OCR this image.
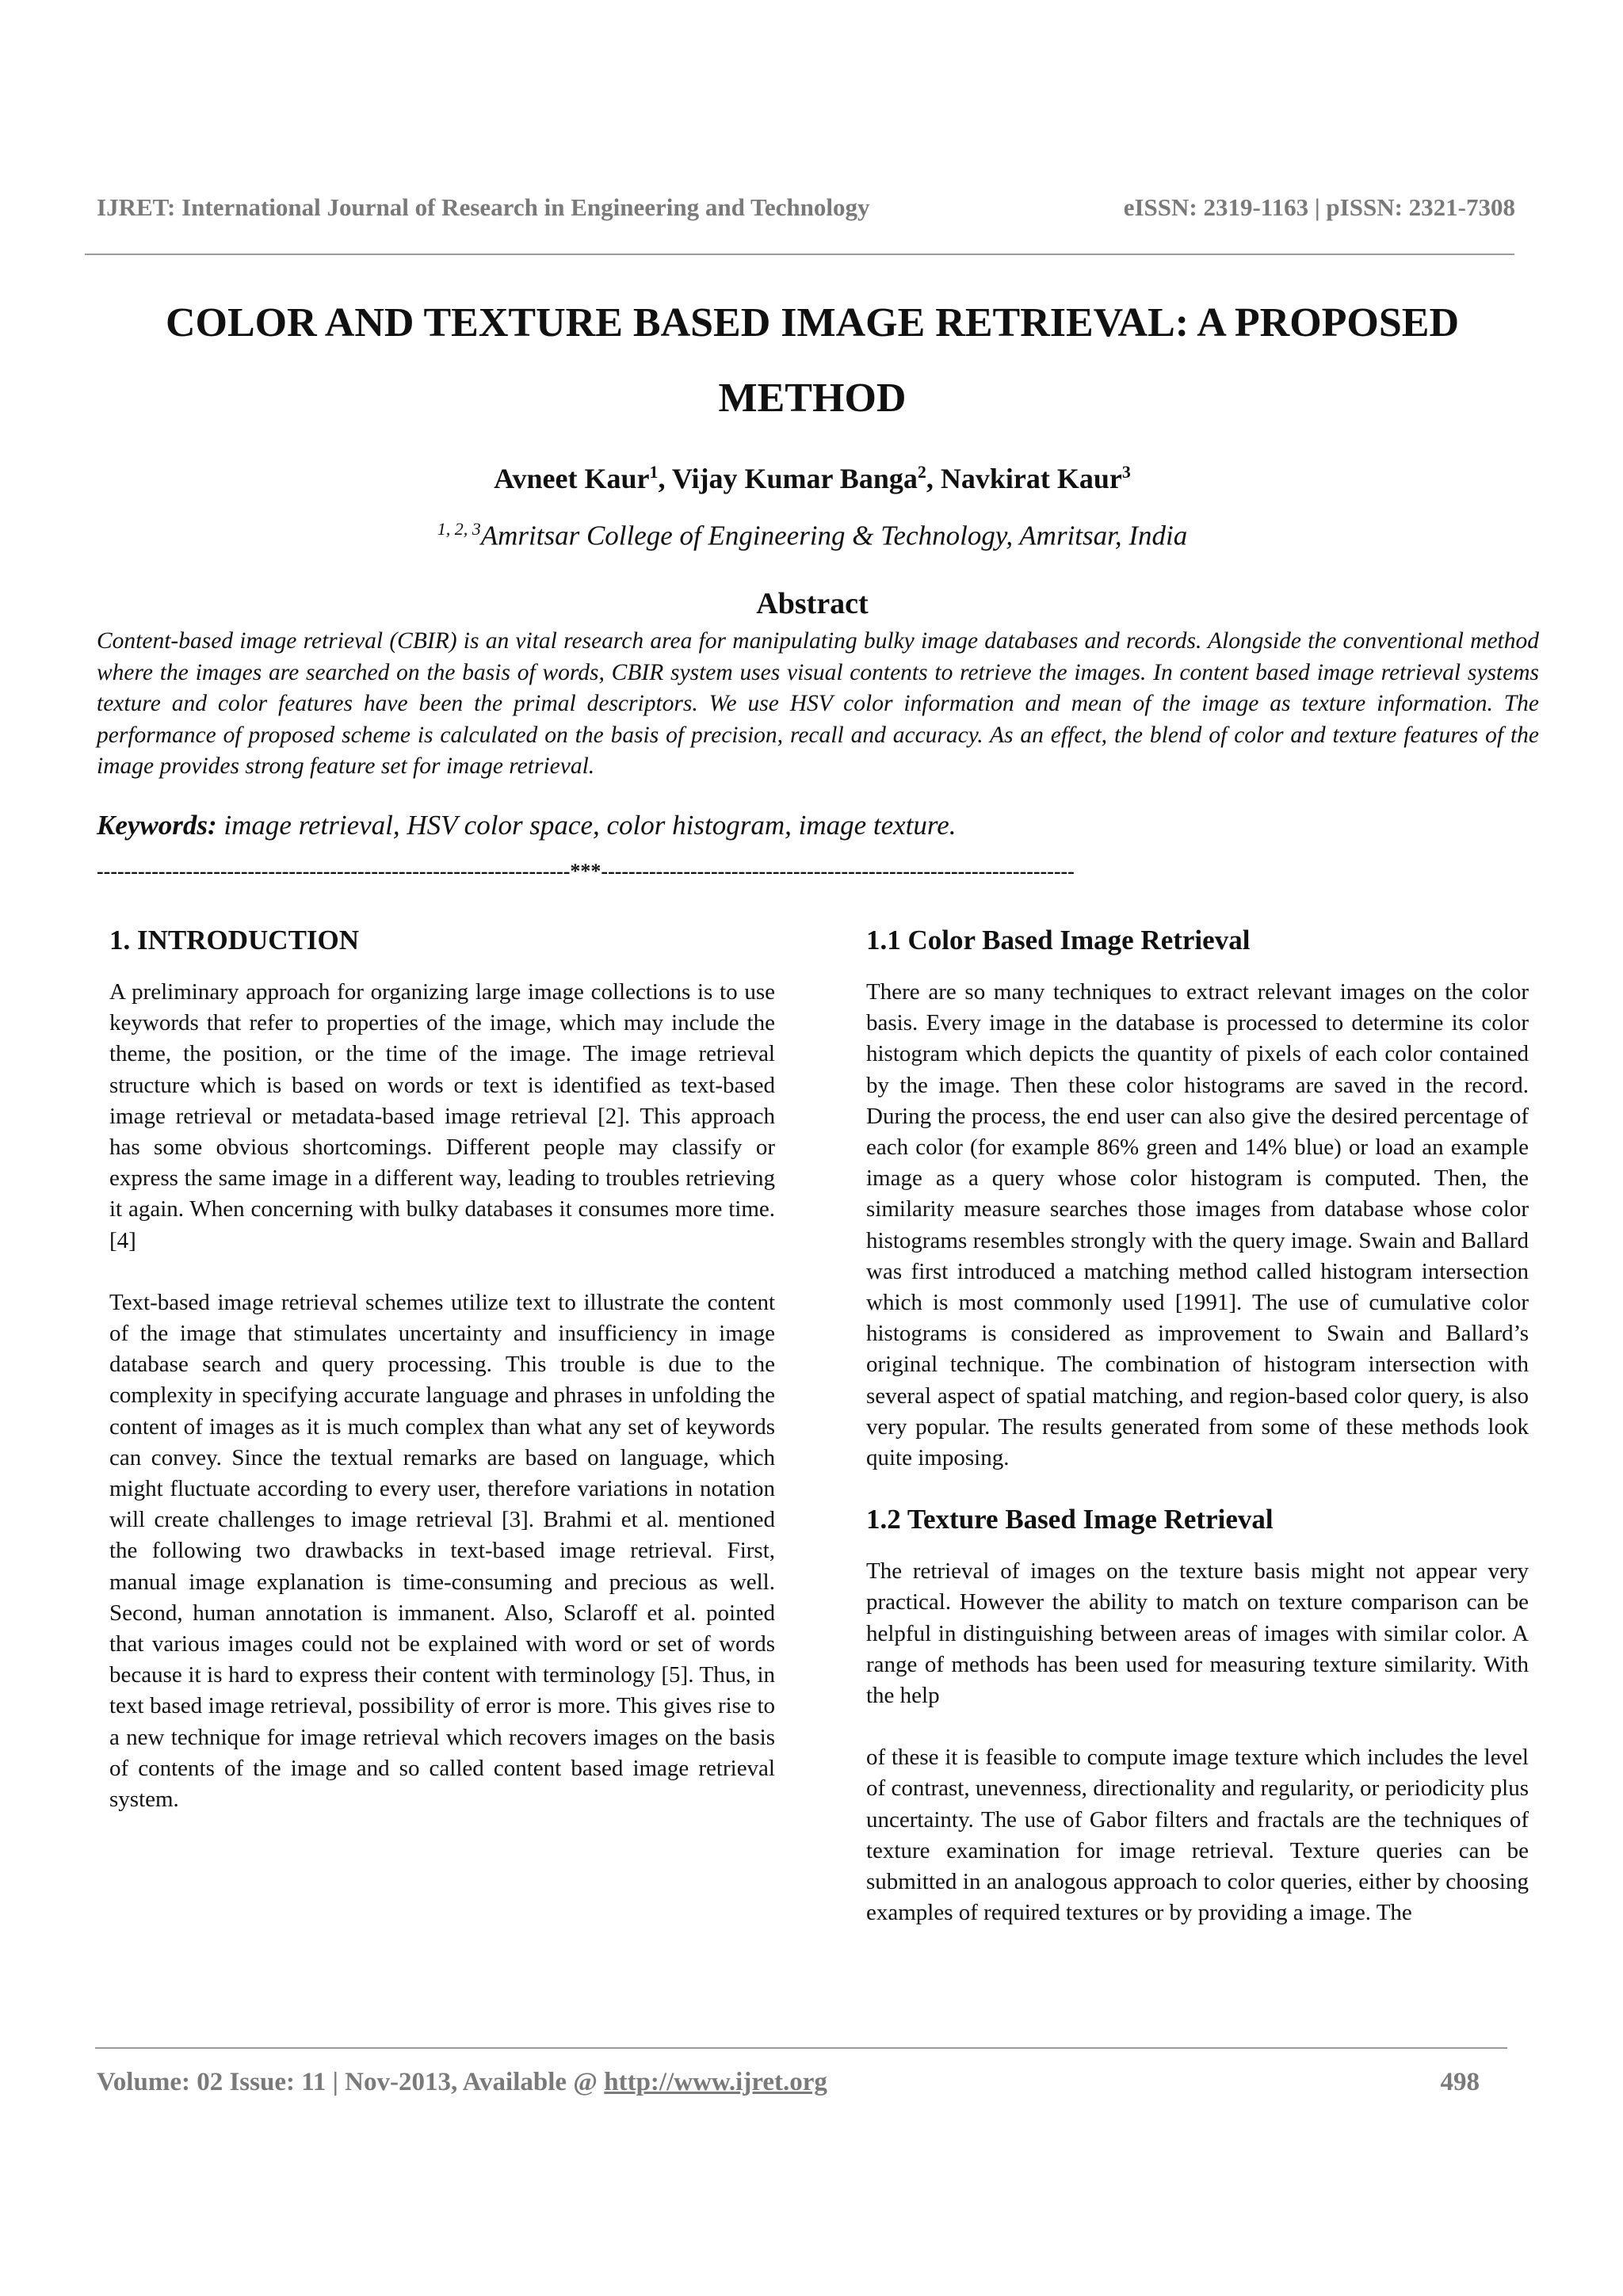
IJRET: International Journal of Research in Engineering and Technology	eISSN: 2319-1163 | pISSN: 2321-7308
COLOR AND TEXTURE BASED IMAGE RETRIEVAL: A PROPOSED
METHOD
Avneet Kaur$^1$, Vijay Kumar Banga$^2$, Navkirat Kaur$^3$
$^{1, 2, 3}$Amritsar College of Engineering & Technology, Amritsar, India
Abstract

Content-based image retrieval (CBIR) is an vital research area for manipulating bulky image databases and records. Alongside the conventional method where the images are searched on the basis of words, CBIR system uses visual contents to retrieve the images. In content based image retrieval systems texture and color features have been the primal descriptors. We use HSV color information and mean of the image as texture information. The performance of proposed scheme is calculated on the basis of precision, recall and accuracy. As an effect, the blend of color and texture features of the image provides strong feature set for image retrieval.

Keywords: image retrieval, HSV color space, color histogram, image texture.

---------------------------------------------------------------------***---------------------------------------------------------------------
1. INTRODUCTION

A preliminary approach for organizing large image collections is to use keywords that refer to properties of the image, which may include the theme, the position, or the time of the image. The image retrieval structure which is based on words or text is identified as text-based image retrieval or metadata-based image retrieval [2]. This approach has some obvious shortcomings. Different people may classify or express the same image in a different way, leading to troubles retrieving it again. When concerning with bulky databases it consumes more time. [4]

Text-based image retrieval schemes utilize text to illustrate the content of the image that stimulates uncertainty and insufficiency in image database search and query processing. This trouble is due to the complexity in specifying accurate language and phrases in unfolding the content of images as it is much complex than what any set of keywords can convey. Since the textual remarks are based on language, which might fluctuate according to every user, therefore variations in notation will create challenges to image retrieval [3]. Brahmi et al. mentioned the following two drawbacks in text-based image retrieval. First, manual image explanation is time-consuming and precious as well. Second, human annotation is immanent. Also, Sclaroff et al. pointed that various images could not be explained with word or set of words because it is hard to express their content with terminology [5]. Thus, in text based image retrieval, possibility of error is more. This gives rise to a new technique for image retrieval which recovers images on the basis of contents of the image and so called content based image retrieval system.

1.1 Color Based Image Retrieval

There are so many techniques to extract relevant images on the color basis. Every image in the database is processed to determine its color histogram which depicts the quantity of pixels of each color contained by the image. Then these color histograms are saved in the record. During the process, the end user can also give the desired percentage of each color (for example 86% green and 14% blue) or load an example image as a query whose color histogram is computed. Then, the similarity measure searches those images from database whose color histograms resembles strongly with the query image. Swain and Ballard was first introduced a matching method called histogram intersection which is most commonly used [1991]. The use of cumulative color histograms is considered as improvement to Swain and Ballard’s original technique. The combination of histogram intersection with several aspect of spatial matching, and region-based color query, is also very popular. The results generated from some of these methods look quite imposing.

1.2 Texture Based Image Retrieval

The retrieval of images on the texture basis might not appear very practical. However the ability to match on texture comparison can be helpful in distinguishing between areas of images with similar color. A range of methods has been used for measuring texture similarity. With the help

of these it is feasible to compute image texture which includes the level of contrast, unevenness, directionality and regularity, or periodicity plus uncertainty. The use of Gabor filters and fractals are the techniques of texture examination for image retrieval. Texture queries can be submitted in an analogous approach to color queries, either by choosing examples of required textures or by providing a image. The

Volume: 02 Issue: 11 | Nov-2013, Available @ http://www.ijret.org	498
